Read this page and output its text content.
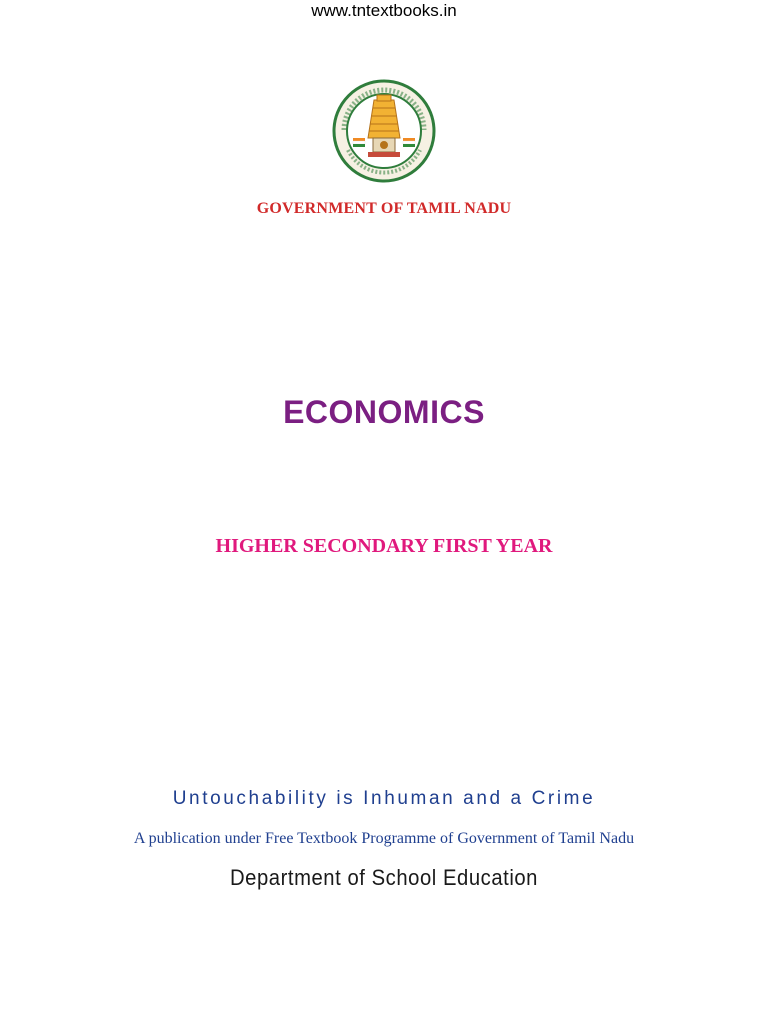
www.tntextbooks.in
GOVERNMENT OF TAMIL NADU
ECONOMICS
HIGHER SECONDARY FIRST YEAR
Untouchability is Inhuman and a Crime
A publication under Free Textbook Programme of Government of Tamil Nadu
Department of School Education
